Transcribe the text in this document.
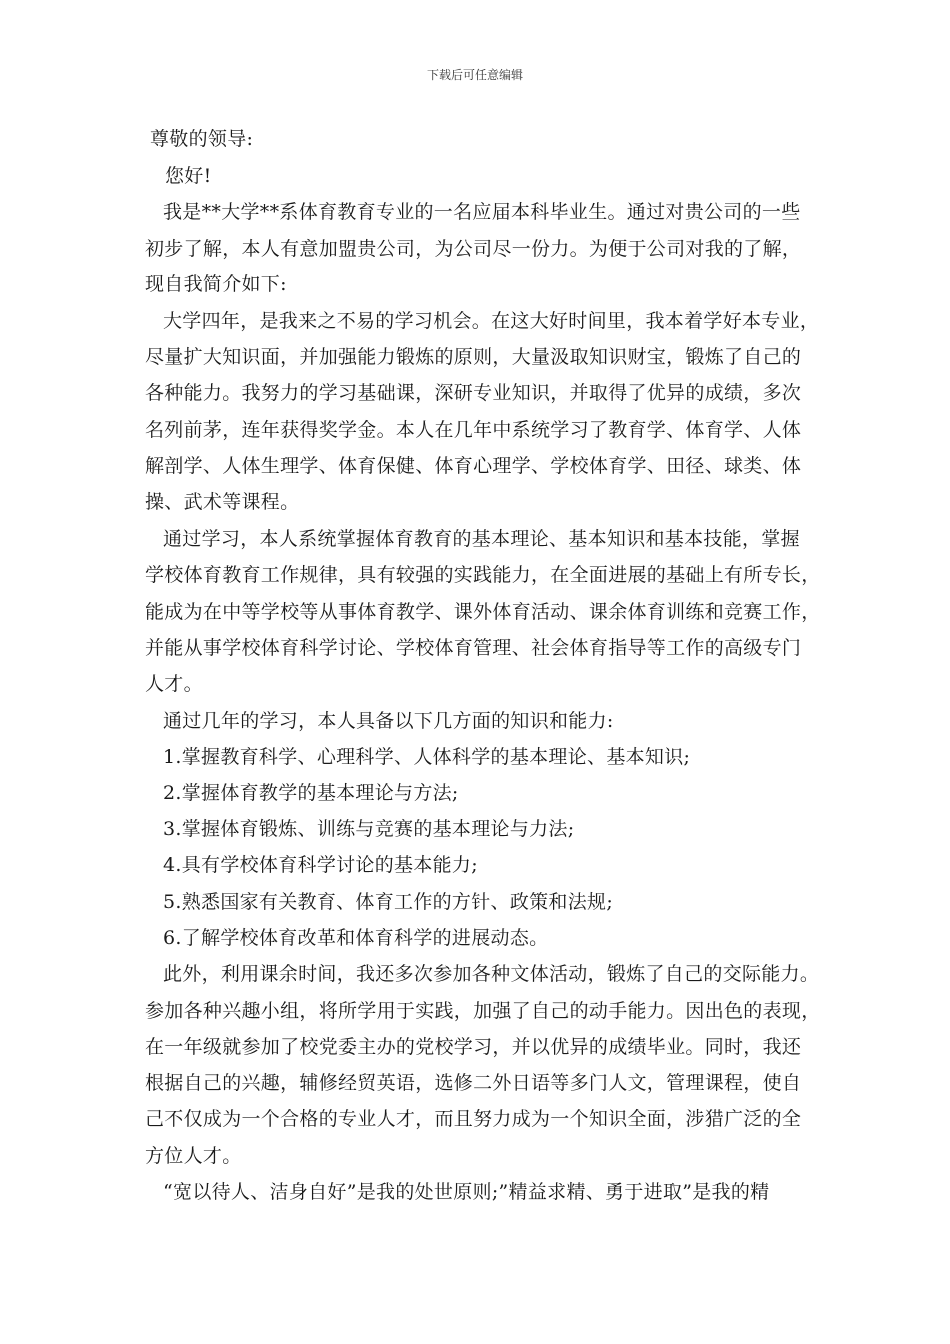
下载后可任意编辑
尊敬的领导:
您好!
我是**大学**系体育教育专业的一名应届本科毕业生。通过对贵公司的一些
初步了解，本人有意加盟贵公司，为公司尽一份力。为便于公司对我的了解，
现自我简介如下:
大学四年，是我来之不易的学习机会。在这大好时间里，我本着学好本专业，
尽量扩大知识面，并加强能力锻炼的原则，大量汲取知识财宝，锻炼了自己的
各种能力。我努力的学习基础课，深研专业知识，并取得了优异的成绩，多次
名列前茅，连年获得奖学金。本人在几年中系统学习了教育学、体育学、人体
解剖学、人体生理学、体育保健、体育心理学、学校体育学、田径、球类、体
操、武术等课程。
通过学习，本人系统掌握体育教育的基本理论、基本知识和基本技能，掌握
学校体育教育工作规律，具有较强的实践能力，在全面进展的基础上有所专长，
能成为在中等学校等从事体育教学、课外体育活动、课余体育训练和竞赛工作，
并能从事学校体育科学讨论、学校体育管理、社会体育指导等工作的高级专门
人才。
通过几年的学习，本人具备以下几方面的知识和能力:
1.掌握教育科学、心理科学、人体科学的基本理论、基本知识;
2.掌握体育教学的基本理论与方法;
3.掌握体育锻炼、训练与竞赛的基本理论与力法;
4.具有学校体育科学讨论的基本能力;
5.熟悉国家有关教育、体育工作的方针、政策和法规;
6.了解学校体育改革和体育科学的进展动态。
此外，利用课余时间，我还多次参加各种文体活动，锻炼了自己的交际能力。
参加各种兴趣小组，将所学用于实践，加强了自己的动手能力。因出色的表现，
在一年级就参加了校党委主办的党校学习，并以优异的成绩毕业。同时，我还
根据自己的兴趣，辅修经贸英语，选修二外日语等多门人文，管理课程，使自
己不仅成为一个合格的专业人才，而且努力成为一个知识全面，涉猎广泛的全
方位人才。
“宽以待人、洁身自好”是我的处世原则;”精益求精、勇于进取”是我的精
